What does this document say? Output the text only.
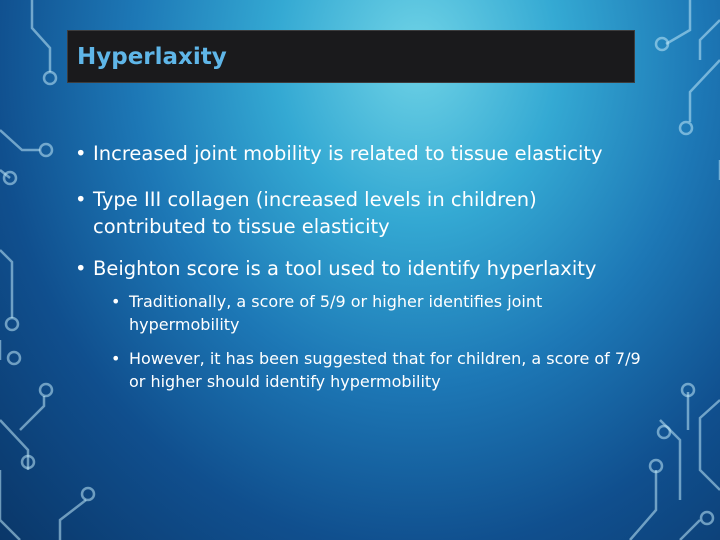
Hyperlaxity
• Increased joint mobility is related to tissue elasticity
• Type III collagen (increased levels in children) contributed to tissue elasticity
• Beighton score is a tool used to identify hyperlaxity
• Traditionally, a score of 5/9 or higher identifies joint hypermobility
• However, it has been suggested that for children, a score of 7/9 or higher should identify hypermobility
